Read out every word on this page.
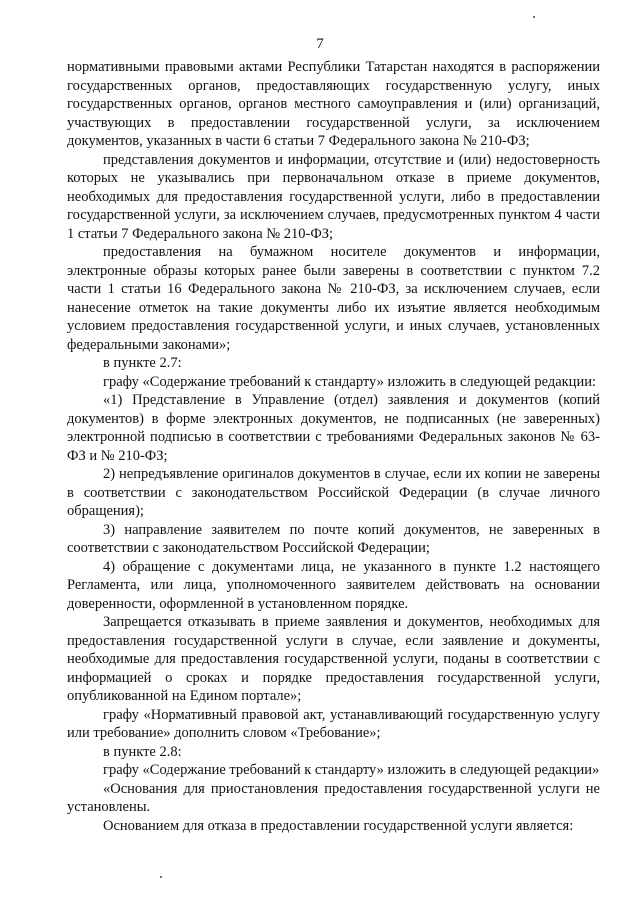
7

нормативными правовыми актами Республики Татарстан находятся в распоряжении государственных органов, предоставляющих государственную услугу, иных государственных органов, органов местного самоуправления и (или) организаций, участвующих в предоставлении государственной услуги, за исключением документов, указанных в части 6 статьи 7 Федерального закона № 210-ФЗ;

представления документов и информации, отсутствие и (или) недостоверность которых не указывались при первоначальном отказе в приеме документов, необходимых для предоставления государственной услуги, либо в предоставлении государственной услуги, за исключением случаев, предусмотренных пунктом 4 части 1 статьи 7 Федерального закона № 210-ФЗ;

предоставления на бумажном носителе документов и информации, электронные образы которых ранее были заверены в соответствии с пунктом 7.2 части 1 статьи 16 Федерального закона № 210-ФЗ, за исключением случаев, если нанесение отметок на такие документы либо их изъятие является необходимым условием предоставления государственной услуги, и иных случаев, установленных федеральными законами»;

в пункте 2.7:

графу «Содержание требований к стандарту» изложить в следующей редакции:

«1) Представление в Управление (отдел) заявления и документов (копий документов) в форме электронных документов, не подписанных (не заверенных) электронной подписью в соответствии с требованиями Федеральных законов № 63-ФЗ и № 210-ФЗ;

2) непредъявление оригиналов документов в случае, если их копии не заверены в соответствии с законодательством Российской Федерации (в случае личного обращения);

3) направление заявителем по почте копий документов, не заверенных в соответствии с законодательством Российской Федерации;

4) обращение с документами лица, не указанного в пункте 1.2 настоящего Регламента, или лица, уполномоченного заявителем действовать на основании доверенности, оформленной в установленном порядке.

Запрещается отказывать в приеме заявления и документов, необходимых для предоставления государственной услуги в случае, если заявление и документы, необходимые для предоставления государственной услуги, поданы в соответствии с информацией о сроках и порядке предоставления государственной услуги, опубликованной на Едином портале»;

графу «Нормативный правовой акт, устанавливающий государственную услугу или требование» дополнить словом «Требование»;

в пункте 2.8:

графу «Содержание требований к стандарту» изложить в следующей редакции»

«Основания для приостановления предоставления государственной услуги не установлены.

Основанием для отказа в предоставлении государственной услуги является:
